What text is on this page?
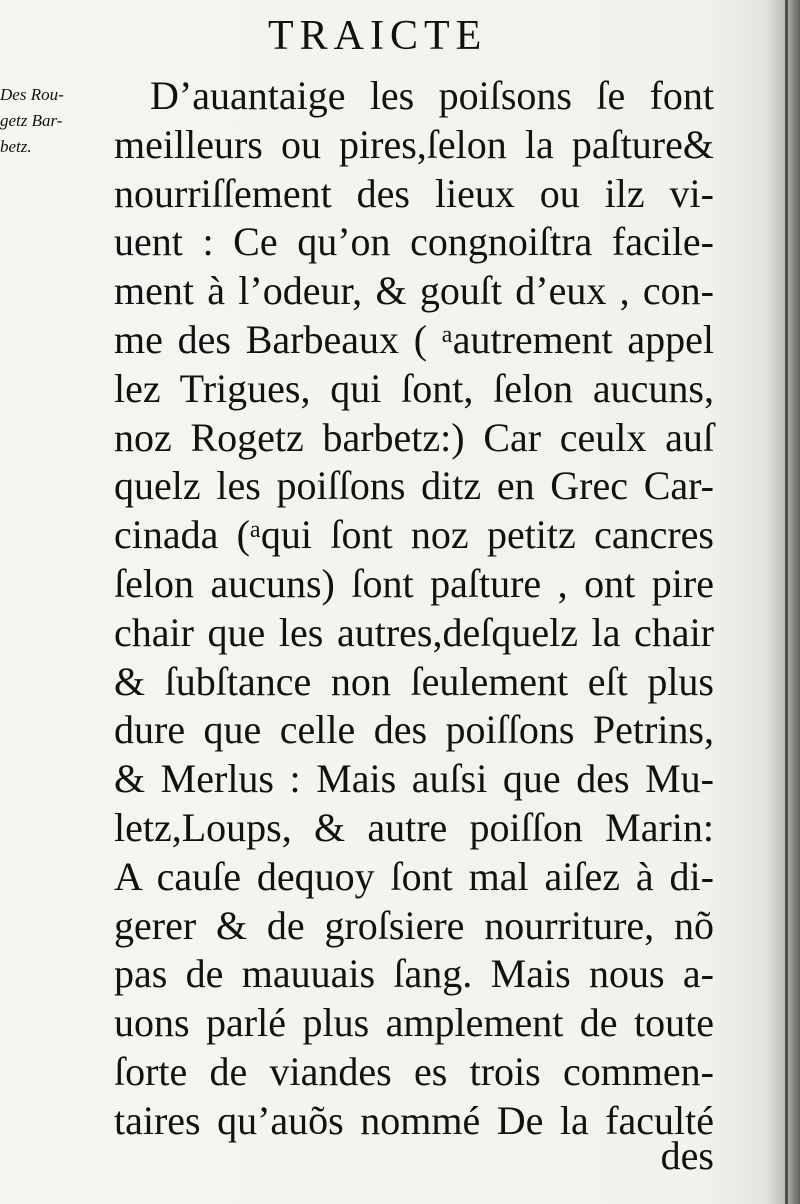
TRAICTE
Des Rou-
getz Bar-
betz.
D’auantaige les poiſsons ſe font
meilleurs ou pires,ſelon la paſture&
nourriſſement des lieux ou ilz vi-
uent : Ce qu’on congnoiſtra facile-
ment à l’odeur, & gouſt d’eux , con-
me des Barbeaux ( ᵃautrement appel
lez Trigues, qui ſont, ſelon aucuns,
noz Rogetz barbetz:) Car ceulx auſ
quelz les poiſſons ditz en Grec Car-
cinada (ᵃqui ſont noz petitz cancres
ſelon aucuns) ſont paſture , ont pire
chair que les autres,deſquelz la chair
& ſubſtance non ſeulement eſt plus
dure que celle des poiſſons Petrins,
& Merlus : Mais auſsi que des Mu-
letz,Loups, & autre poiſſon Marin:
A cauſe dequoy ſont mal aiſez à di-
gerer & de groſsiere nourriture, nõ
pas de mauuais ſang. Mais nous a-
uons parlé plus amplement de toute
ſorte de viandes es trois commen-
taires qu’auõs nommé De la faculté
des
